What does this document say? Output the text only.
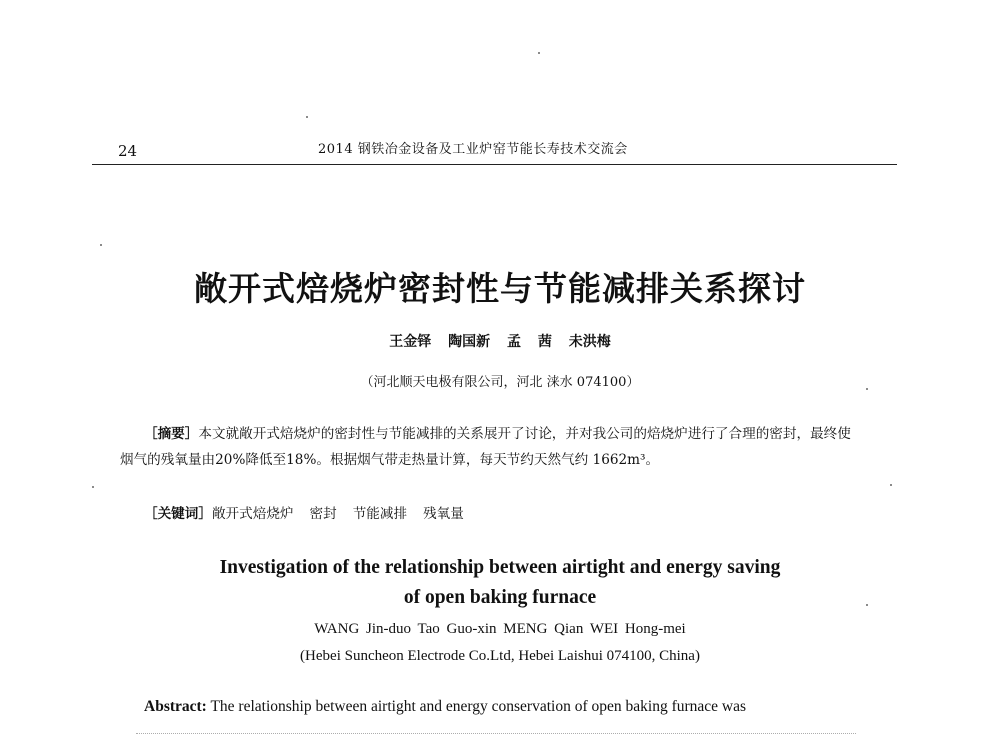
24	2014 钢铁冶金设备及工业炉窑节能长寿技术交流会
敞开式焙烧炉密封性与节能减排关系探讨
王金铎 陶国新 孟 茜 未洪梅
（河北顺天电极有限公司，河北 涞水 074100）
［摘要］本文就敞开式焙烧炉的密封性与节能减排的关系展开了讨论，并对我公司的焙烧炉进行了合理的密封，最终使烟气的残氧量由20%降低至18%。根据烟气带走热量计算，每天节约天然气约 1662m³。
［关键词］敞开式焙烧炉 密封 节能减排 残氧量
Investigation of the relationship between airtight and energy saving
of open baking furnace
WANG Jin-duo Tao Guo-xin MENG Qian WEI Hong-mei
(Hebei Suncheon Electrode Co.Ltd, Hebei Laishui 074100, China)
Abstract: The relationship between airtight and energy conservation of open baking furnace was
